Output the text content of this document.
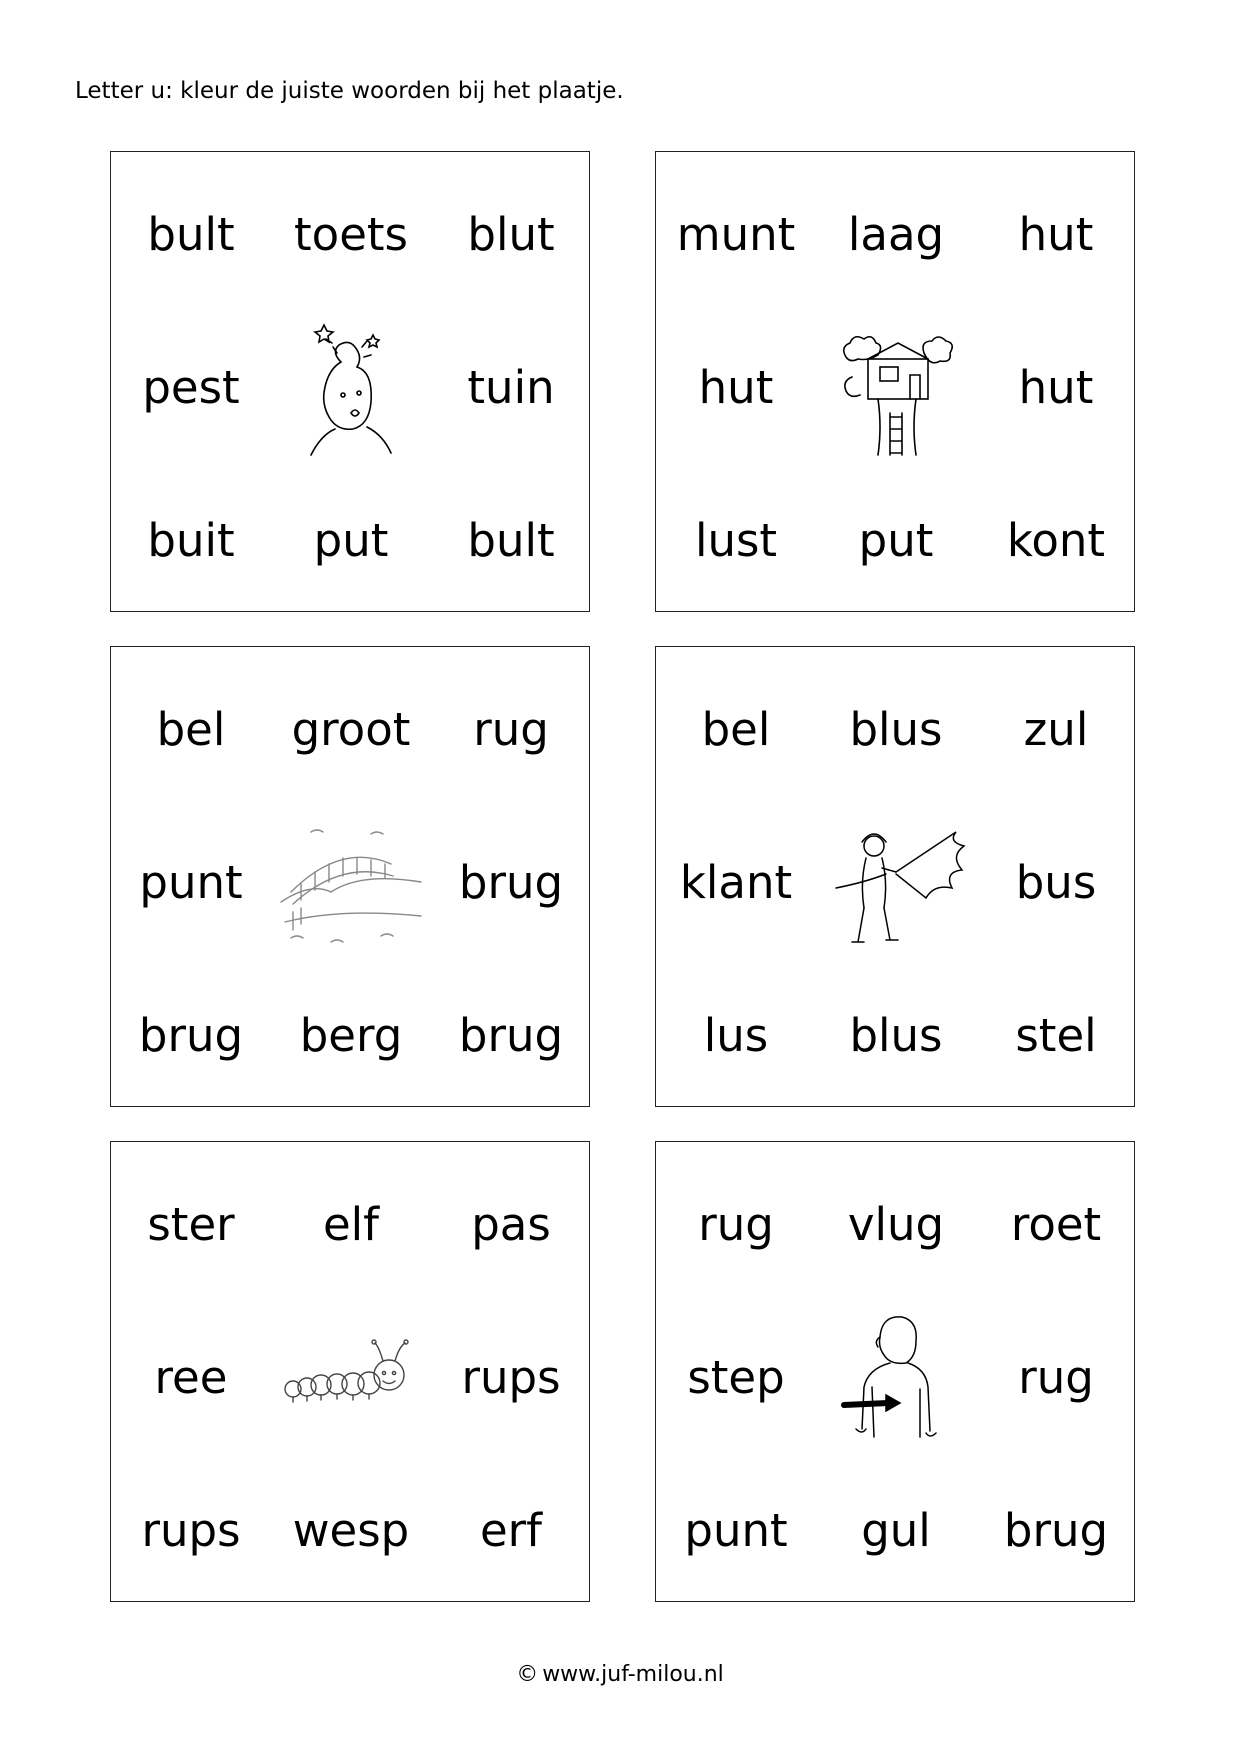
Letter u: kleur de juiste woorden bij het plaatje.
bult	toets	blut
pest	tuin
buit	put	bult
munt	laag	hut
hut	hut
lust	put	kont
bel	groot	rug
punt	brug
brug	berg	brug
bel	blus	zul
klant	bus
lus	blus	stel
ster	elf	pas
ree	rups
rups	wesp	erf
rug	vlug	roet
step	rug
punt	gul	brug
© www.juf-milou.nl
